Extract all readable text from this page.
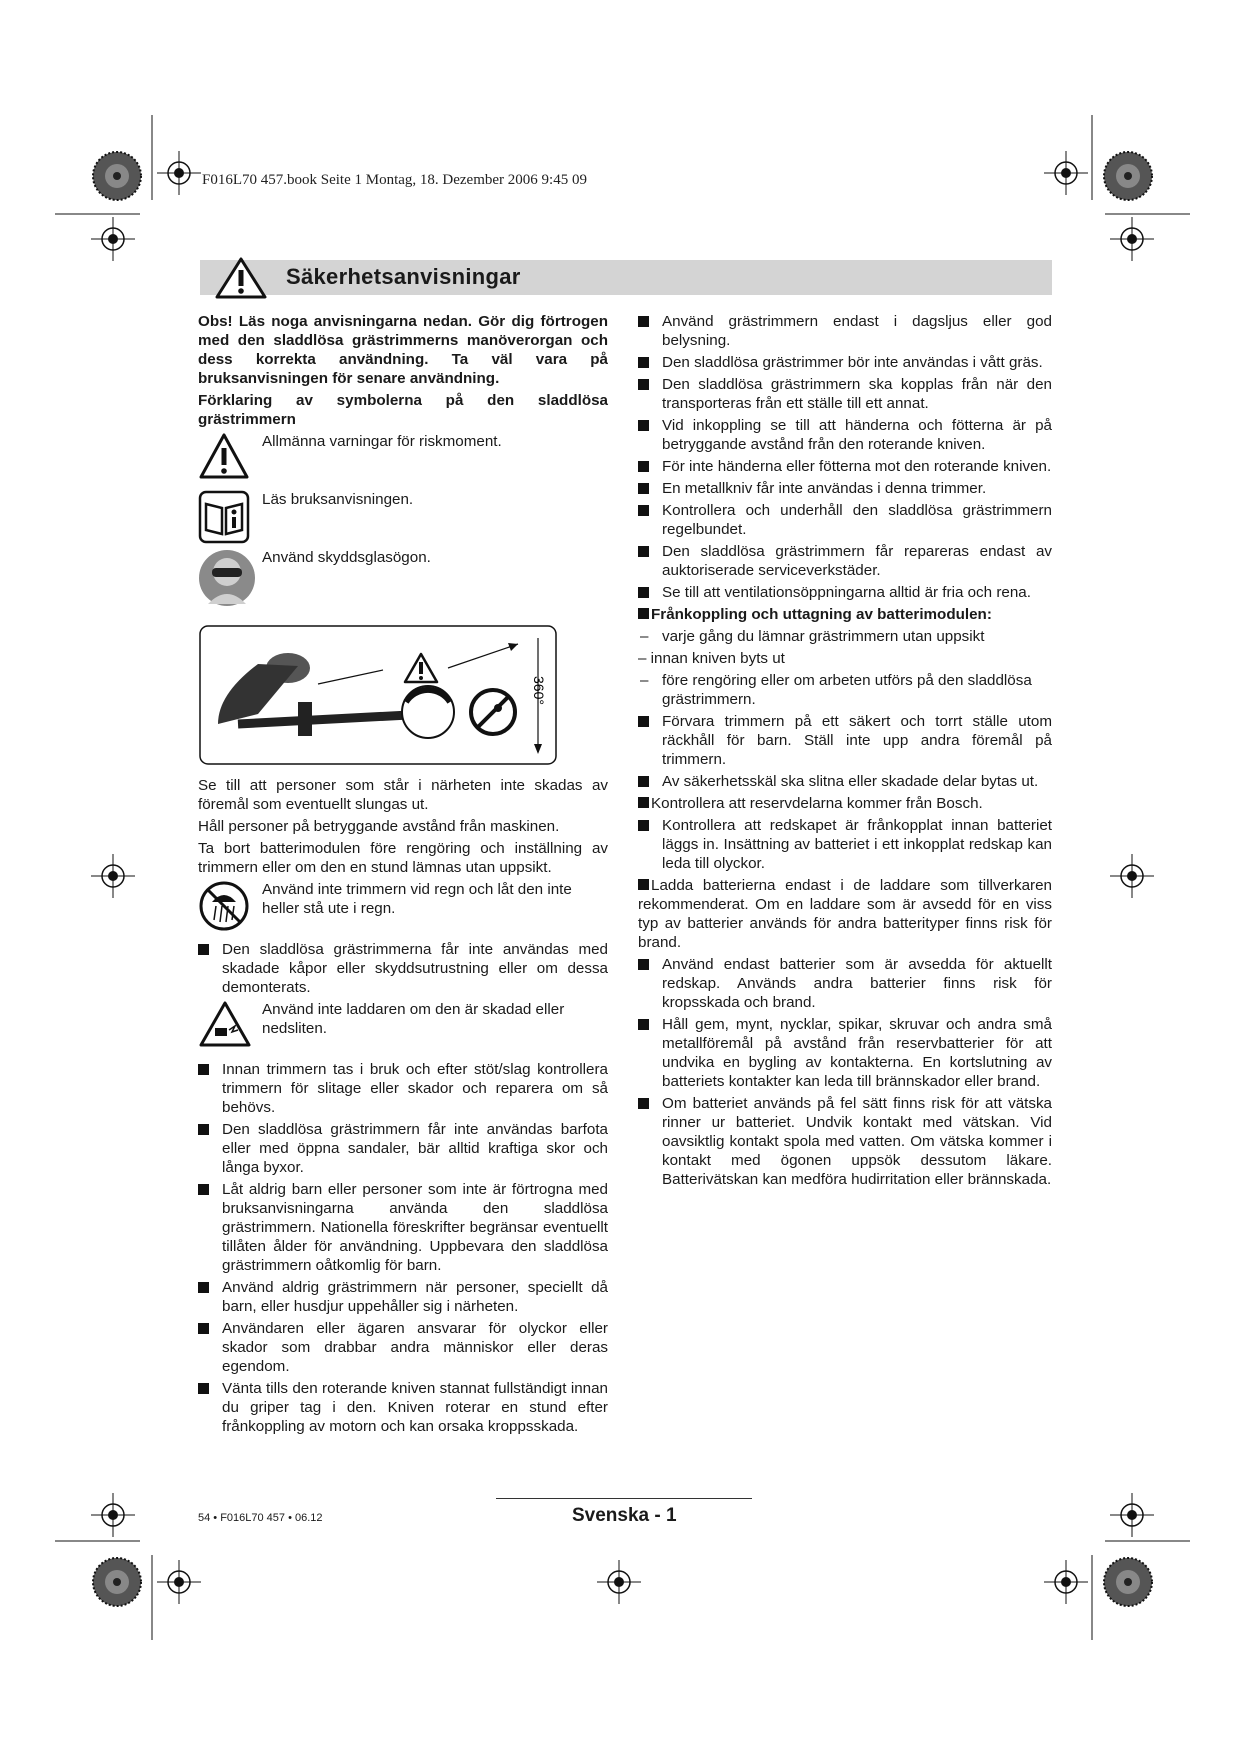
F016L70 457.book Seite 1 Montag, 18. Dezember 2006 9:45 09
Säkerhetsanvisningar

Obs! Läs noga anvisningarna nedan. Gör dig förtrogen med den sladdlösa grästrimmerns manöverorgan och dess korrekta användning. Ta väl vara på bruksanvisningen för senare användning.

Förklaring av symbolerna på den sladdlösa grästrimmern

Allmänna varningar för riskmoment.
Läs bruksanvisningen.
Använd skyddsglasögon.
360°

Se till att personer som står i närheten inte skadas av föremål som eventuellt slungas ut.

Håll personer på betryggande avstånd från maskinen.

Ta bort batterimodulen före rengöring och inställning av trimmern eller om den en stund lämnas utan uppsikt.

Använd inte trimmern vid regn och låt den inte heller stå ute i regn.
Den sladdlösa grästrimmerna får inte användas med skadade kåpor eller skyddsutrustning eller om dessa demonterats.
Använd inte laddaren om den är skadad eller nedsliten.
Innan trimmern tas i bruk och efter stöt/slag kontrollera trimmern för slitage eller skador och reparera om så behövs.
Den sladdlösa grästrimmern får inte användas barfota eller med öppna sandaler, bär alltid kraftiga skor och långa byxor.
Låt aldrig barn eller personer som inte är förtrogna med bruksanvisningarna använda den sladdlösa grästrimmern. Nationella föreskrifter begränsar eventuellt tillåten ålder för användning. Uppbevara den sladdlösa grästrimmern oåtkomlig för barn.
Använd aldrig grästrimmern när personer, speciellt då barn, eller husdjur uppehåller sig i närheten.
Användaren eller ägaren ansvarar för olyckor eller skador som drabbar andra människor eller deras egendom.
Vänta tills den roterande kniven stannat fullständigt innan du griper tag i den. Kniven roterar en stund efter frånkoppling av motorn och kan orsaka kroppsskada.
Använd grästrimmern endast i dagsljus eller god belysning.
Den sladdlösa grästrimmer bör inte användas i vått gräs.
Den sladdlösa grästrimmern ska kopplas från när den transporteras från ett ställe till ett annat.
Vid inkoppling se till att händerna och fötterna är på betryggande avstånd från den roterande kniven.
För inte händerna eller fötterna mot den roterande kniven.
En metallkniv får inte användas i denna trimmer.
Kontrollera och underhåll den sladdlösa grästrimmern regelbundet.
Den sladdlösa grästrimmern får repareras endast av auktoriserade serviceverkstäder.
Se till att ventilationsöppningarna alltid är fria och rena.
Frånkoppling och uttagning av batterimodulen:
– varje gång du lämnar grästrimmern utan uppsikt
– innan kniven byts ut
– före rengöring eller om arbeten utförs på den sladdlösa grästrimmern.
Förvara trimmern på ett säkert och torrt ställe utom räckhåll för barn. Ställ inte upp andra föremål på trimmern.
Av säkerhetsskäl ska slitna eller skadade delar bytas ut.
Kontrollera att reservdelarna kommer från Bosch.
Kontrollera att redskapet är frånkopplat innan batteriet läggs in. Insättning av batteriet i ett inkopplat redskap kan leda till olyckor.
Ladda batterierna endast i de laddare som tillverkaren rekommenderat. Om en laddare som är avsedd för en viss typ av batterier används för andra batterityper finns risk för brand.
Använd endast batterier som är avsedda för aktuellt redskap. Används andra batterier finns risk för kropsskada och brand.
Håll gem, mynt, nycklar, spikar, skruvar och andra små metallföremål på avstånd från reservbatterier för att undvika en bygling av kontakterna. En kortslutning av batteriets kontakter kan leda till brännskador eller brand.
Om batteriet används på fel sätt finns risk för att vätska rinner ur batteriet. Undvik kontakt med vätskan. Vid oavsiktlig kontakt spola med vatten. Om vätska kommer i kontakt med ögonen uppsök dessutom läkare. Batterivätskan kan medföra hudirritation eller brännskada.
54 • F016L70 457 • 06.12	Svenska - 1
